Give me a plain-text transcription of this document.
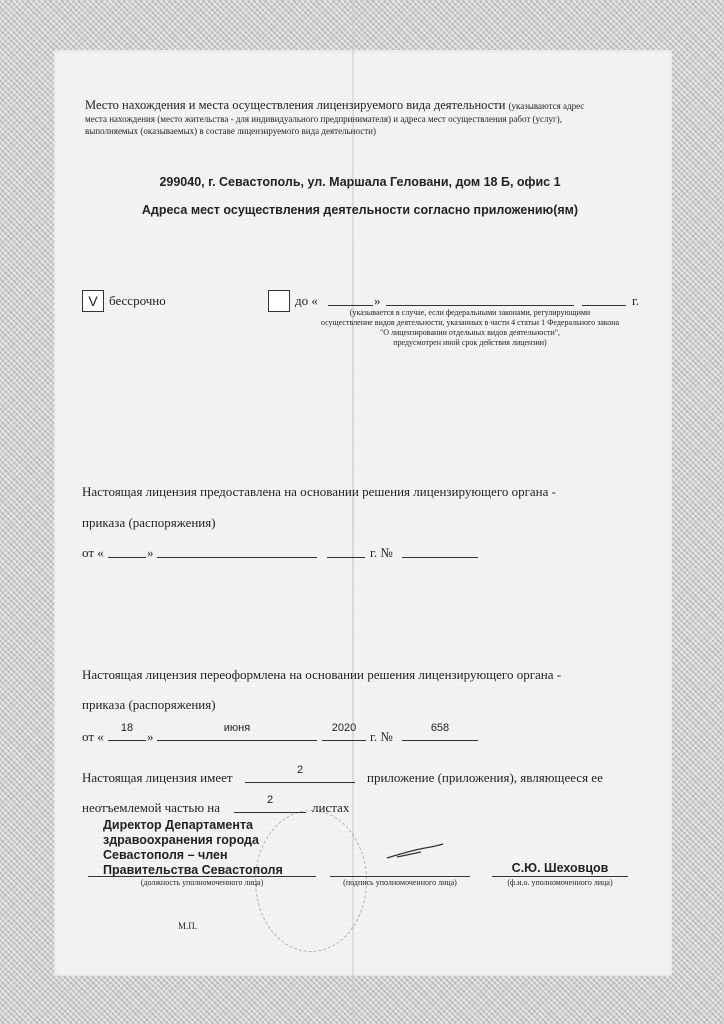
Место нахождения и места осуществления лицензируемого вида деятельности (указываются адрес
места нахождения (место жительства - для индивидуального предпринимателя) и адреса мест осуществления работ (услуг),
выполняемых (оказываемых) в составе лицензируемого вида деятельности)
299040, г. Севастополь, ул. Маршала Геловани, дом 18 Б, офис 1
Адреса мест осуществления деятельности согласно приложению(ям)
V бессрочно	до «	»	г.
(указывается в случае, если федеральными законами, регулирующими
осуществление видов деятельности, указанных в части 4 статьи 1 Федерального закона
"О лицензировании отдельных видов деятельности",
предусмотрен иной срок действия лицензии)
Настоящая лицензия предоставлена на основании решения лицензирующего органа -
приказа (распоряжения)
от «	»	г. №
Настоящая лицензия переоформлена на основании решения лицензирующего органа -
приказа (распоряжения)
от «
18
»
июня	2020
г. №
658
Настоящая лицензия имеет	2	приложение (приложения), являющееся ее
неотъемлемой частью на	2	листах
Директор Департамента
здравоохранения города
Севастополя – член
Правительства Севастополя
(должность уполномоченного лица)	(подпись уполномоченного лица)
С.Ю. Шеховцов
(ф.и.о. уполномоченного лица)
М.П.
